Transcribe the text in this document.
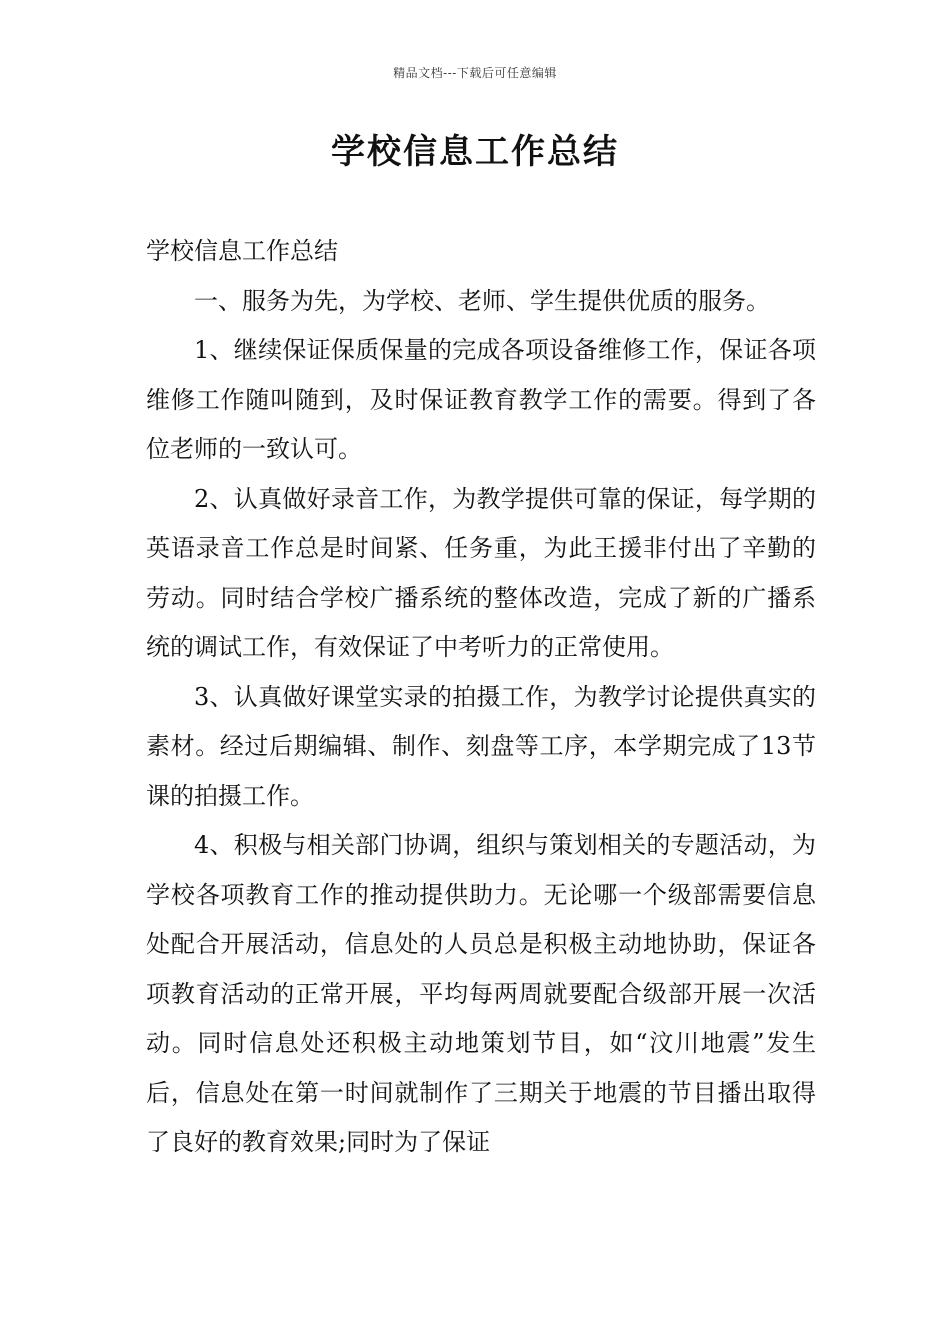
精品文档---下载后可任意编辑
学校信息工作总结

学校信息工作总结

一、服务为先，为学校、老师、学生提供优质的服务。

1、继续保证保质保量的完成各项设备维修工作，保证各项维修工作随叫随到，及时保证教育教学工作的需要。得到了各位老师的一致认可。

2、认真做好录音工作，为教学提供可靠的保证，每学期的英语录音工作总是时间紧、任务重，为此王援非付出了辛勤的劳动。同时结合学校广播系统的整体改造，完成了新的广播系统的调试工作，有效保证了中考听力的正常使用。

3、认真做好课堂实录的拍摄工作，为教学讨论提供真实的素材。经过后期编辑、制作、刻盘等工序，本学期完成了13节课的拍摄工作。

4、积极与相关部门协调，组织与策划相关的专题活动，为学校各项教育工作的推动提供助力。无论哪一个级部需要信息处配合开展活动，信息处的人员总是积极主动地协助，保证各项教育活动的正常开展，平均每两周就要配合级部开展一次活动。同时信息处还积极主动地策划节目，如“汶川地震”发生后，信息处在第一时间就制作了三期关于地震的节目播出取得了良好的教育效果;同时为了保证
